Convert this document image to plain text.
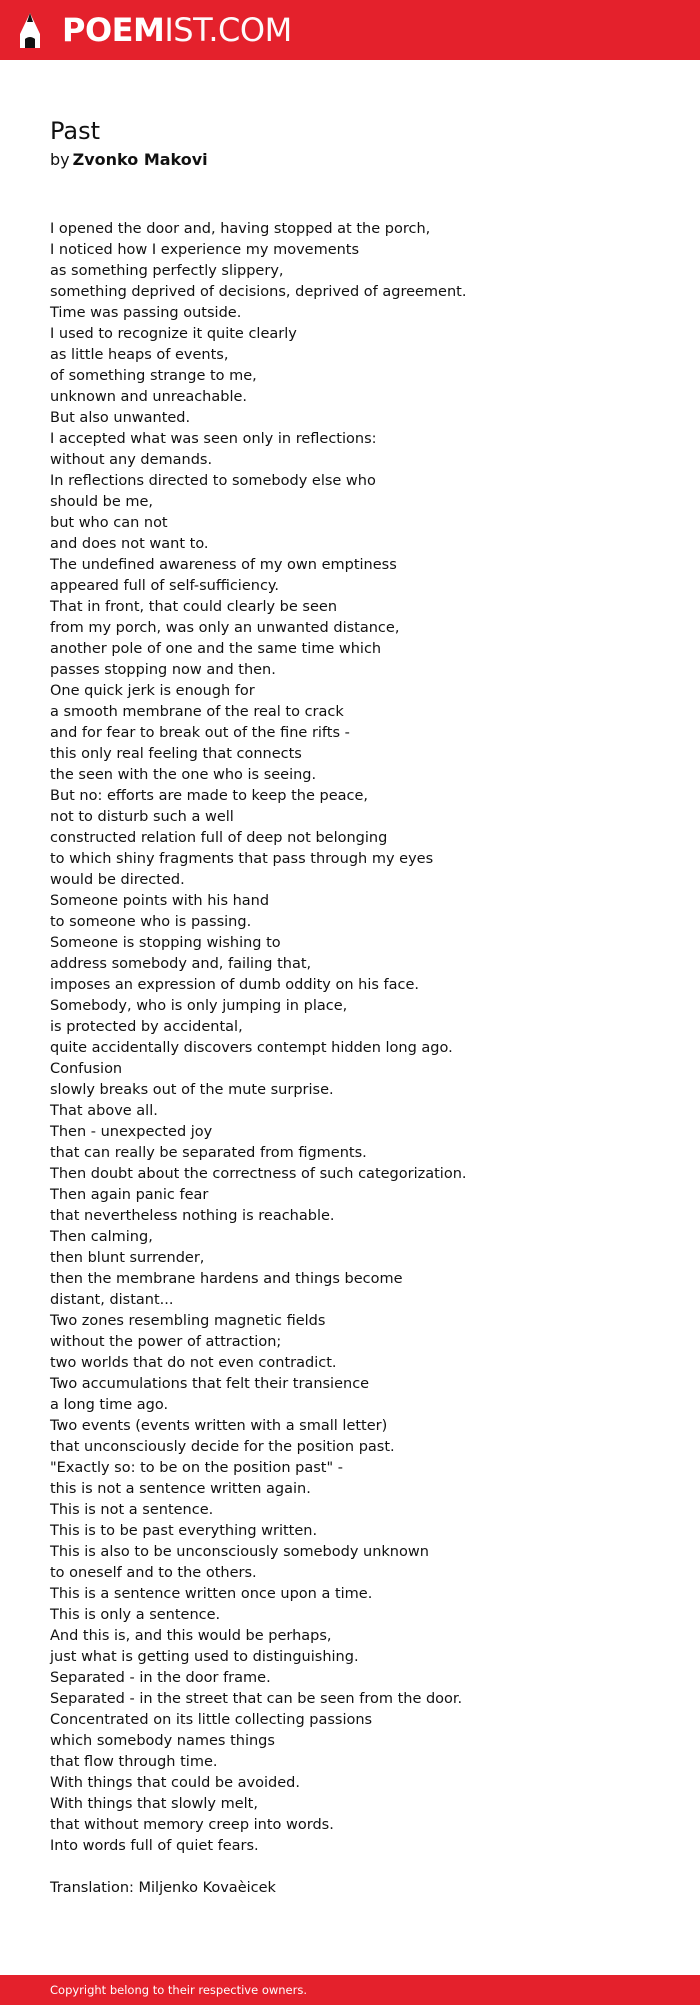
POEMIST.COM
Past
by Zvonko Makovi
I opened the door and, having stopped at the porch,
I noticed how I experience my movements
as something perfectly slippery,
something deprived of decisions, deprived of agreement.
Time was passing outside.
I used to recognize it quite clearly
as little heaps of events,
of something strange to me,
unknown and unreachable.
But also unwanted.
I accepted what was seen only in reflections:
without any demands.
In reflections directed to somebody else who
should be me,
but who can not
and does not want to.
The undefined awareness of my own emptiness
appeared full of self-sufficiency.
That in front, that could clearly be seen
from my porch, was only an unwanted distance,
another pole of one and the same time which
passes stopping now and then.
One quick jerk is enough for
a smooth membrane of the real to crack
and for fear to break out of the fine rifts -
this only real feeling that connects
the seen with the one who is seeing.
But no: efforts are made to keep the peace,
not to disturb such a well
constructed relation full of deep not belonging
to which shiny fragments that pass through my eyes
would be directed.
Someone points with his hand
to someone who is passing.
Someone is stopping wishing to
address somebody and, failing that,
imposes an expression of dumb oddity on his face.
Somebody, who is only jumping in place,
is protected by accidental,
quite accidentally discovers contempt hidden long ago.
Confusion
slowly breaks out of the mute surprise.
That above all.
Then - unexpected joy
that can really be separated from figments.
Then doubt about the correctness of such categorization.
Then again panic fear
that nevertheless nothing is reachable.
Then calming,
then blunt surrender,
then the membrane hardens and things become
distant, distant...
Two zones resembling magnetic fields
without the power of attraction;
two worlds that do not even contradict.
Two accumulations that felt their transience
a long time ago.
Two events (events written with a small letter)
that unconsciously decide for the position past.
"Exactly so: to be on the position past" -
this is not a sentence written again.
This is not a sentence.
This is to be past everything written.
This is also to be unconsciously somebody unknown
to oneself and to the others.
This is a sentence written once upon a time.
This is only a sentence.
And this is, and this would be perhaps,
just what is getting used to distinguishing.
Separated - in the door frame.
Separated - in the street that can be seen from the door.
Concentrated on its little collecting passions
which somebody names things
that flow through time.
With things that could be avoided.
With things that slowly melt,
that without memory creep into words.
Into words full of quiet fears.
Translation: Miljenko Kovaèicek
Copyright belong to their respective owners.
